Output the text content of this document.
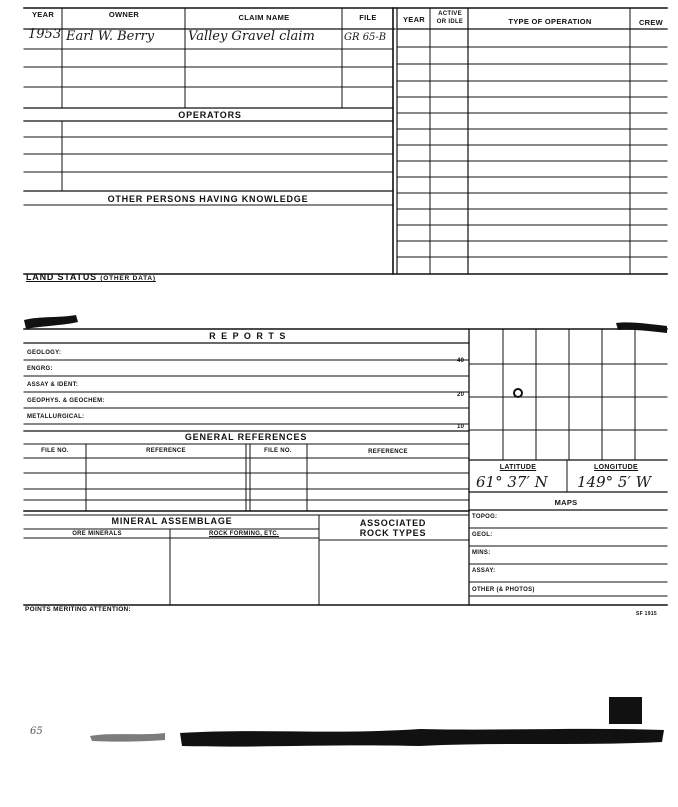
YEAR	OWNER	CLAIM NAME	FILE	YEAR
ACTIVE
OR IDLE	TYPE OF OPERATION	CREW
1953 Earl W. Berry	Valley Gravel claim	GR 65-B
OPERATORS
OTHER PERSONS HAVING KNOWLEDGE
LAND STATUS (OTHER DATA)
R E P O R T S
GEOLOGY:
ENGRG:
40
ASSAY & IDENT:
GEOPHYS. & GEOCHEM:
20
METALLURGICAL:
10
GENERAL REFERENCES
FILE NO.	REFERENCE	FILE NO.	REFERENCE
LATITUDE	LONGITUDE
61° 37′ N 149° 5′ W
MAPS
TOPOG:
GEOL:
MINS:
ASSAY:
OTHER (& PHOTOS)
MINERAL ASSEMBLAGE
ORE MINERALS	ROCK FORMING, ETC.
ASSOCIATED
ROCK TYPES
POINTS MERITING ATTENTION:
SF 1915
65
